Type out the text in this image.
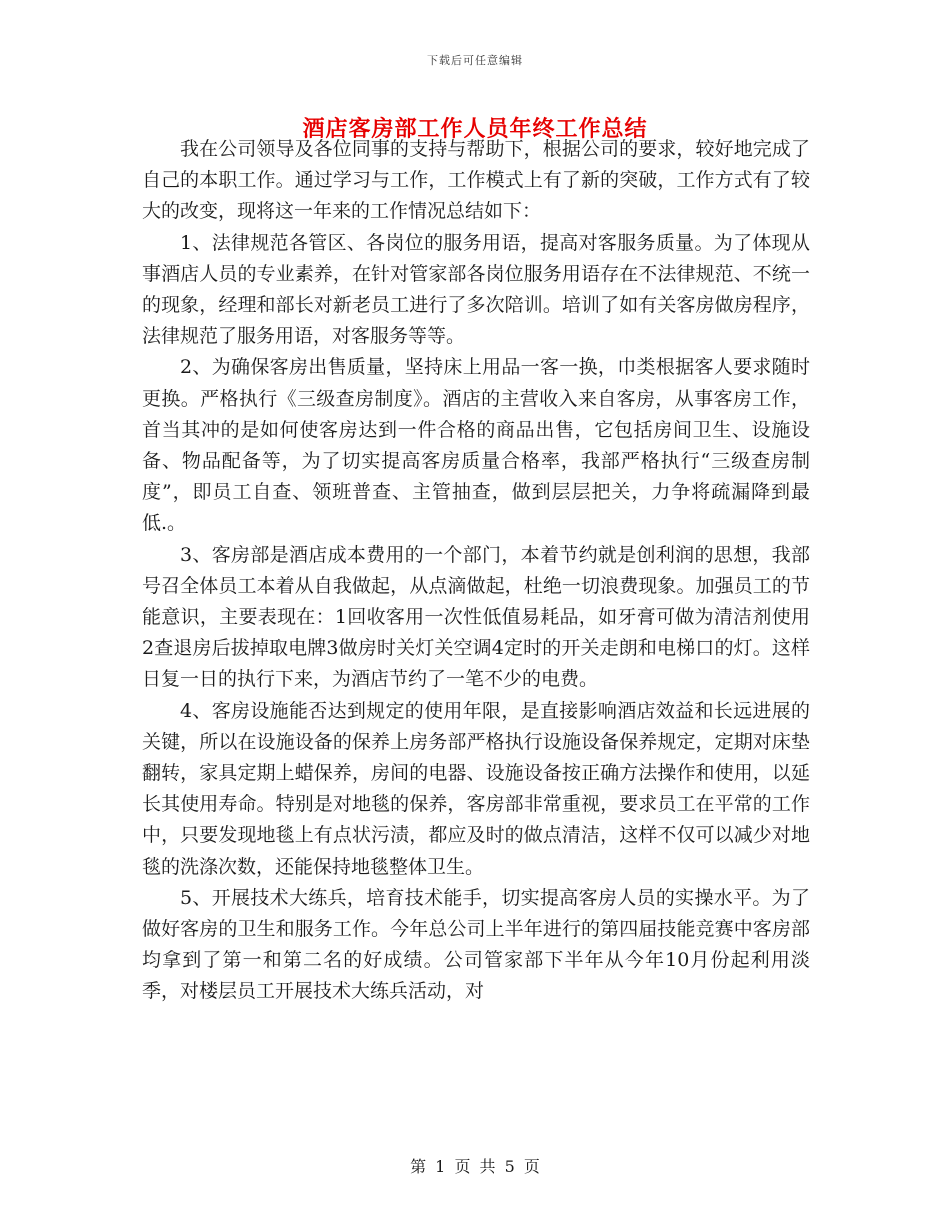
下载后可任意编辑
酒店客房部工作人员年终工作总结

我在公司领导及各位同事的支持与帮助下，根据公司的要求，较好地完成了自己的本职工作。通过学习与工作，工作模式上有了新的突破，工作方式有了较大的改变，现将这一年来的工作情况总结如下：

1、法律规范各管区、各岗位的服务用语，提高对客服务质量。为了体现从事酒店人员的专业素养，在针对管家部各岗位服务用语存在不法律规范、不统一的现象，经理和部长对新老员工进行了多次陪训。培训了如有关客房做房程序，法律规范了服务用语，对客服务等等。

2、为确保客房出售质量，坚持床上用品一客一换，巾类根据客人要求随时更换。严格执行《三级查房制度》。酒店的主营收入来自客房，从事客房工作，首当其冲的是如何使客房达到一件合格的商品出售，它包括房间卫生、设施设备、物品配备等，为了切实提高客房质量合格率，我部严格执行“三级查房制度”，即员工自查、领班普查、主管抽查，做到层层把关，力争将疏漏降到最低.。

3、客房部是酒店成本费用的一个部门，本着节约就是创利润的思想，我部号召全体员工本着从自我做起，从点滴做起，杜绝一切浪费现象。加强员工的节能意识，主要表现在：1回收客用一次性低值易耗品，如牙膏可做为清洁剂使用2查退房后拔掉取电牌3做房时关灯关空调4定时的开关走朗和电梯口的灯。这样日复一日的执行下来，为酒店节约了一笔不少的电费。

4、客房设施能否达到规定的使用年限，是直接影响酒店效益和长远进展的关键，所以在设施设备的保养上房务部严格执行设施设备保养规定，定期对床垫翻转，家具定期上蜡保养，房间的电器、设施设备按正确方法操作和使用，以延长其使用寿命。特别是对地毯的保养，客房部非常重视，要求员工在平常的工作中，只要发现地毯上有点状污渍，都应及时的做点清洁，这样不仅可以减少对地毯的洗涤次数，还能保持地毯整体卫生。

5、开展技术大练兵，培育技术能手，切实提高客房人员的实操水平。为了做好客房的卫生和服务工作。今年总公司上半年进行的第四届技能竞赛中客房部均拿到了第一和第二名的好成绩。公司管家部下半年从今年10月份起利用淡季，对楼层员工开展技术大练兵活动，对

第 1 页 共 5 页
